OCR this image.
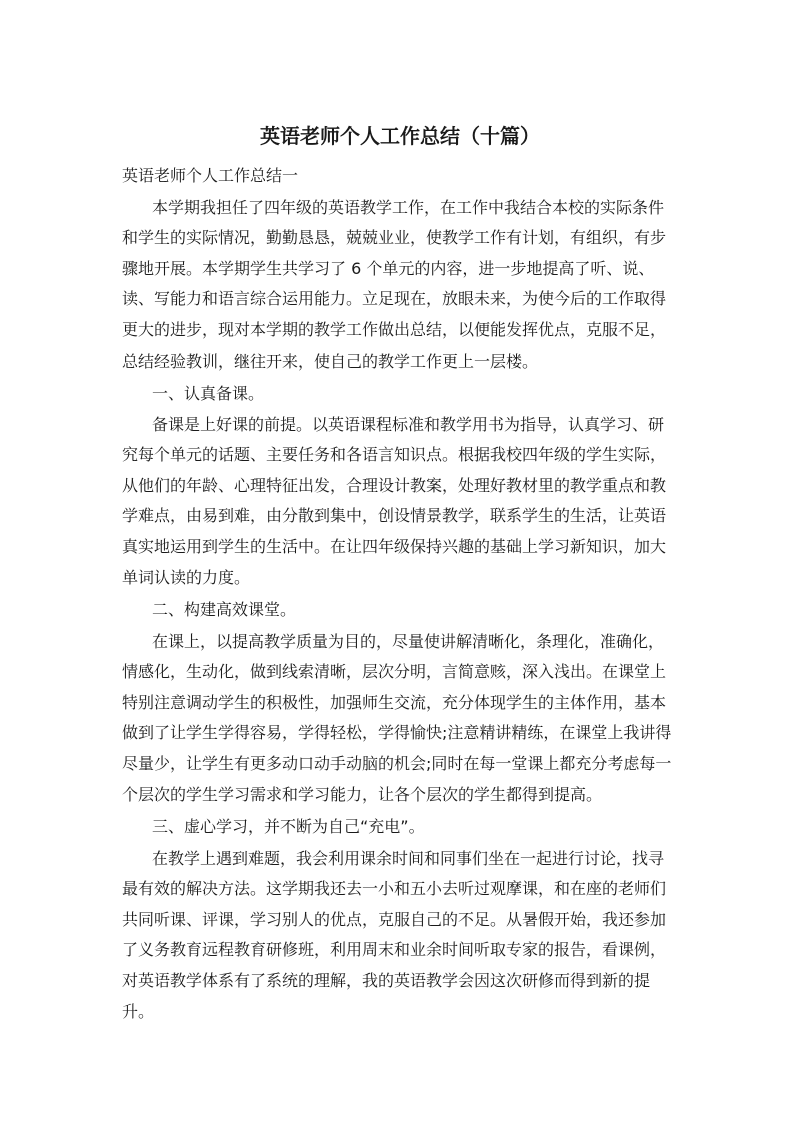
英语老师个人工作总结（十篇）
英语老师个人工作总结一
本学期我担任了四年级的英语教学工作，在工作中我结合本校的实际条件
和学生的实际情况，勤勤恳恳，兢兢业业，使教学工作有计划，有组织，有步
骤地开展。本学期学生共学习了 6 个单元的内容，进一步地提高了听、说、
读、写能力和语言综合运用能力。立足现在，放眼未来，为使今后的工作取得
更大的进步，现对本学期的教学工作做出总结，以便能发挥优点，克服不足，
总结经验教训，继往开来，使自己的教学工作更上一层楼。
一、认真备课。
备课是上好课的前提。以英语课程标准和教学用书为指导，认真学习、研
究每个单元的话题、主要任务和各语言知识点。根据我校四年级的学生实际，
从他们的年龄、心理特征出发，合理设计教案，处理好教材里的教学重点和教
学难点，由易到难，由分散到集中，创设情景教学，联系学生的生活，让英语
真实地运用到学生的生活中。在让四年级保持兴趣的基础上学习新知识，加大
单词认读的力度。
二、构建高效课堂。
在课上，以提高教学质量为目的，尽量使讲解清晰化，条理化，准确化，
情感化，生动化，做到线索清晰，层次分明，言简意赅，深入浅出。在课堂上
特别注意调动学生的积极性，加强师生交流，充分体现学生的主体作用，基本
做到了让学生学得容易，学得轻松，学得愉快;注意精讲精练，在课堂上我讲得
尽量少，让学生有更多动口动手动脑的机会;同时在每一堂课上都充分考虑每一
个层次的学生学习需求和学习能力，让各个层次的学生都得到提高。
三、虚心学习，并不断为自己“充电”。
在教学上遇到难题，我会利用课余时间和同事们坐在一起进行讨论，找寻
最有效的解决方法。这学期我还去一小和五小去听过观摩课，和在座的老师们
共同听课、评课，学习别人的优点，克服自己的不足。从暑假开始，我还参加
了义务教育远程教育研修班，利用周末和业余时间听取专家的报告，看课例，
对英语教学体系有了系统的理解，我的英语教学会因这次研修而得到新的提
升。
